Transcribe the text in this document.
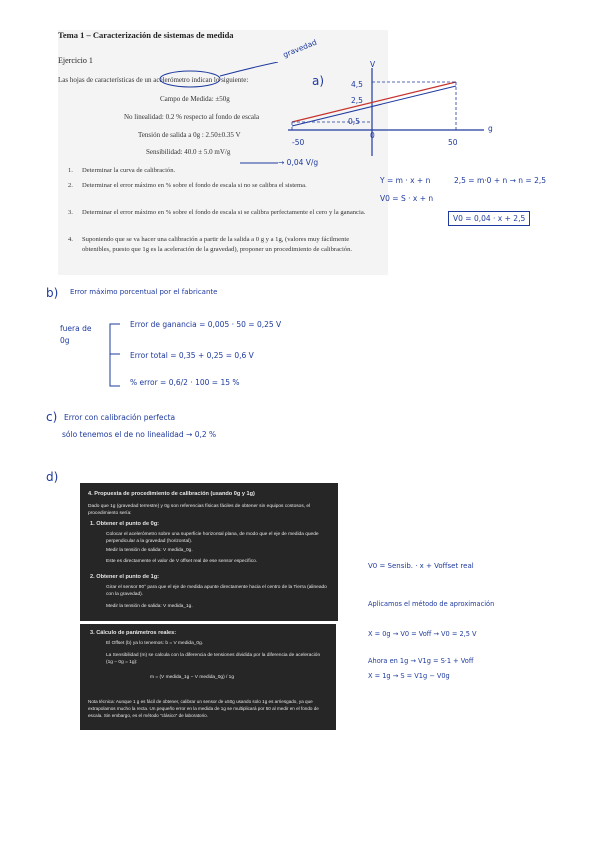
Tema 1 – Caracterización de sistemas de medida
Ejercicio 1
Las hojas de características de un acelerómetro indican lo siguiente:
Campo de Medida: ±50g
No linealidad: 0.2 % respecto al fondo de escala
Tensión de salida a 0g : 2.50±0.35 V
Sensibilidad: 40.0 ± 5.0 mV/g
1. Determinar la curva de calibración.
2. Determinar el error máximo en % sobre el fondo de escala si no se calibra el sistema.
3. Determinar el error máximo en % sobre el fondo de escala si se calibra perfectamente el cero y la ganancia.
4. Suponiendo que se va hacer una calibración a partir de la salida a 0 g y a 1g, (valores muy fácilmente obtenibles, puesto que 1g es la aceleración de la gravedad), proponer un procedimiento de calibración.
gravedad
→ 0,04 V/g
a)
V
g
4,5
2,5
0,5
-50	50
0
Y = m · x + n	2,5 = m·0 + n → n = 2,5
V0 = S · x + n
V0 = 0,04 · x + 2,5
b) Error máximo porcentual por el fabricante
fuera de 0g
Error de ganancia = 0,005 · 50 = 0,25 V
Error total = 0,35 + 0,25 = 0,6 V
% error = 0,6/2 · 100 = 15 %
c) Error con calibración perfecta
sólo tenemos el de no linealidad → 0,2 %
d)
V0 = Sensib. · x + Voffset real
Aplicamos el método de aproximación
X = 0g → V0 = Voff → V0 = 2,5 V
Ahora en 1g → V1g = S·1 + Voff
X = 1g → S = V1g − V0g
4. Propuesta de procedimiento de calibración (usando 0g y 1g)
Dado que 1g (gravedad terrestre) y 0g son referencias físicas fáciles de obtener sin equipos costosos, el procedimiento sería:
1. Obtener el punto de 0g:
Colocar el acelerómetro sobre una superficie horizontal plana, de modo que el eje de medida quede perpendicular a la gravedad (horizontal).
Medir la tensión de salida: V medida_0g.
Este es directamente el valor de V offset real de ese sensor específico.
2. Obtener el punto de 1g:
Girar el sensor 90° para que el eje de medida apunte directamente hacia el centro de la Tierra (alineado con la gravedad).
Medir la tensión de salida: V medida_1g.
3. Cálculo de parámetros reales:
El Offset (b) ya lo tenemos: b = V medida_0g.
La Sensibilidad (m) se calcula con la diferencia de tensiones dividida por la diferencia de aceleración (1g − 0g = 1g):
m = (V medida_1g − V medida_0g) / 1g
Nota técnica: Aunque 1 g es fácil de obtener, calibrar un sensor de ±50g usando solo 1g es arriesgado, ya que extrapolamos mucho la recta. Un pequeño error en la medida de 1g se multiplicará por 50 al medir en el fondo de escala. Sin embargo, es el método "clásico" de laboratorio.
